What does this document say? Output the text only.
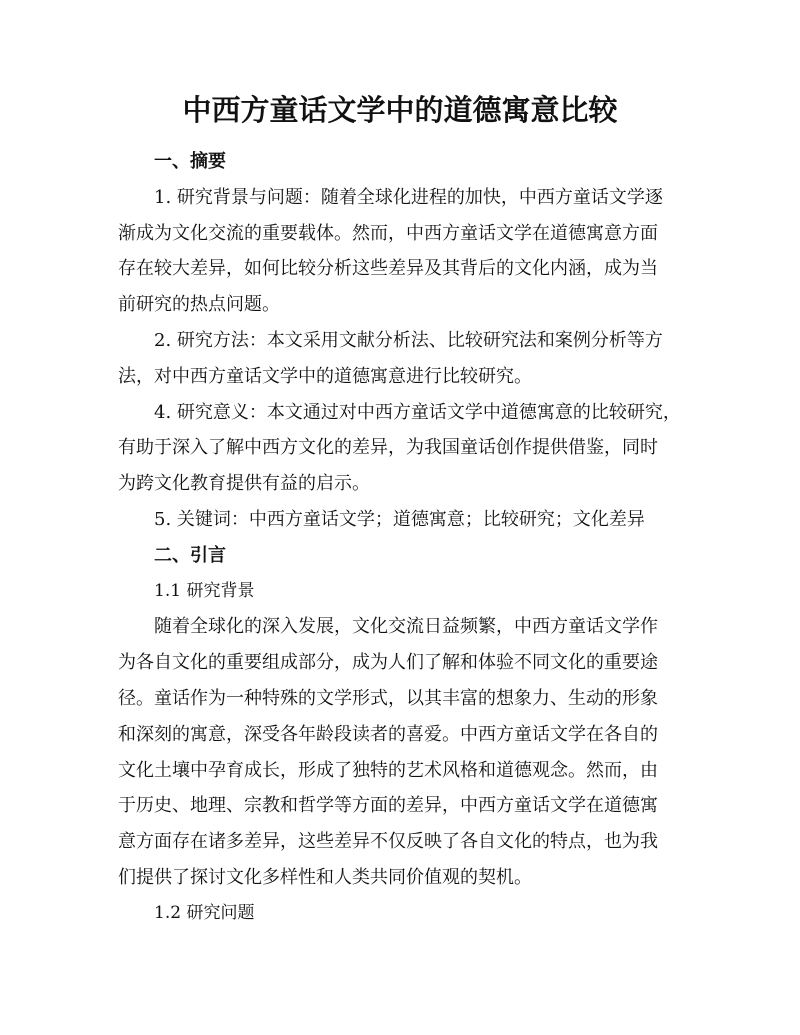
中西方童话文学中的道德寓意比较
一、摘要
1. 研究背景与问题：随着全球化进程的加快，中西方童话文学逐
渐成为文化交流的重要载体。然而，中西方童话文学在道德寓意方面
存在较大差异，如何比较分析这些差异及其背后的文化内涵，成为当
前研究的热点问题。
2. 研究方法：本文采用文献分析法、比较研究法和案例分析等方
法，对中西方童话文学中的道德寓意进行比较研究。
4. 研究意义：本文通过对中西方童话文学中道德寓意的比较研究，
有助于深入了解中西方文化的差异，为我国童话创作提供借鉴，同时
为跨文化教育提供有益的启示。
5. 关键词：中西方童话文学；道德寓意；比较研究；文化差异
二、引言
1.1 研究背景
随着全球化的深入发展，文化交流日益频繁，中西方童话文学作
为各自文化的重要组成部分，成为人们了解和体验不同文化的重要途
径。童话作为一种特殊的文学形式，以其丰富的想象力、生动的形象
和深刻的寓意，深受各年龄段读者的喜爱。中西方童话文学在各自的
文化土壤中孕育成长，形成了独特的艺术风格和道德观念。然而，由
于历史、地理、宗教和哲学等方面的差异，中西方童话文学在道德寓
意方面存在诸多差异，这些差异不仅反映了各自文化的特点，也为我
们提供了探讨文化多样性和人类共同价值观的契机。
1.2 研究问题
